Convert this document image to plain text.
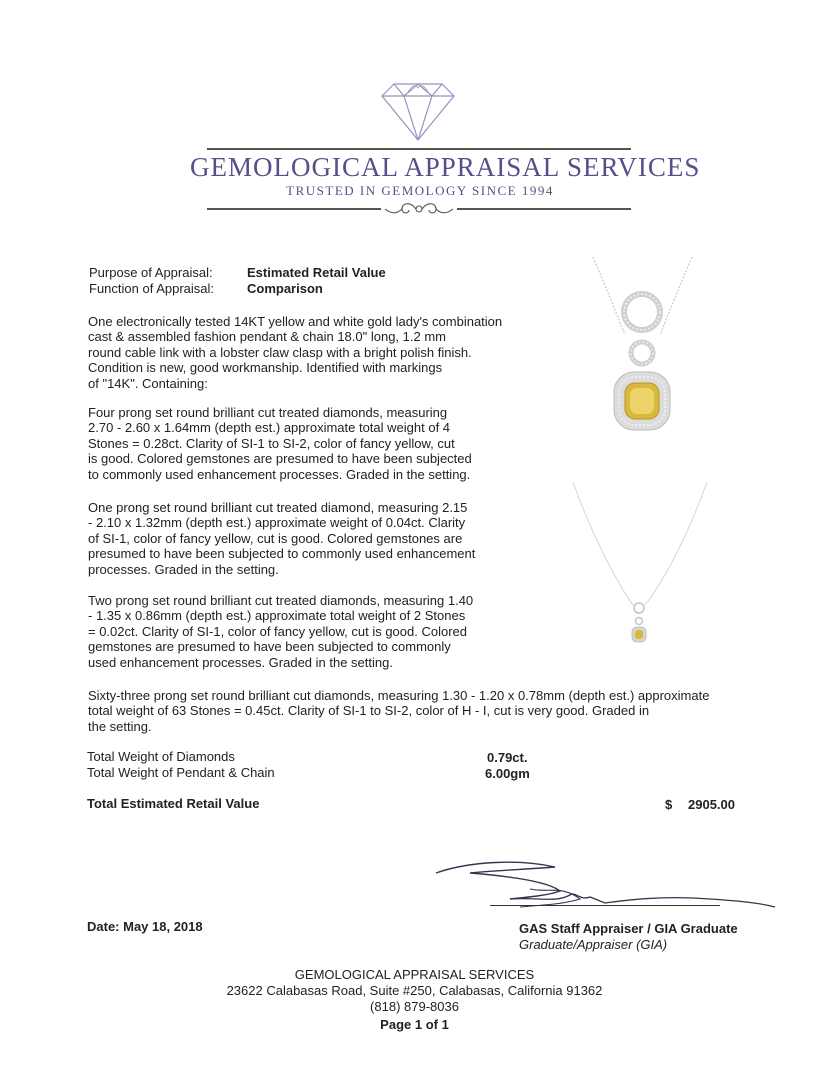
GEMOLOGICAL APPRAISAL SERVICES
TRUSTED IN GEMOLOGY SINCE 1994
Purpose of Appraisal:	Estimated Retail Value
Function of Appraisal:	Comparison
One electronically tested 14KT yellow and white gold lady's combination
cast & assembled fashion pendant & chain 18.0" long, 1.2 mm
round cable link with a lobster claw clasp with a bright polish finish.
Condition is new, good workmanship. Identified with markings
of "14K". Containing:
Four prong set round brilliant cut treated diamonds, measuring
2.70 - 2.60 x 1.64mm (depth est.) approximate total weight of 4
Stones = 0.28ct. Clarity of SI-1 to SI-2, color of fancy yellow, cut
is good. Colored gemstones are presumed to have been subjected
to commonly used enhancement processes. Graded in the setting.
One prong set round brilliant cut treated diamond, measuring 2.15
- 2.10 x 1.32mm (depth est.) approximate weight of 0.04ct. Clarity
of SI-1, color of fancy yellow, cut is good. Colored gemstones are
presumed to have been subjected to commonly used enhancement
processes. Graded in the setting.
Two prong set round brilliant cut treated diamonds, measuring 1.40
- 1.35 x 0.86mm (depth est.) approximate total weight of 2 Stones
= 0.02ct. Clarity of SI-1, color of fancy yellow, cut is good. Colored
gemstones are presumed to have been subjected to commonly
used enhancement processes. Graded in the setting.
Sixty-three prong set round brilliant cut diamonds, measuring 1.30 - 1.20 x 0.78mm (depth est.) approximate
total weight of 63 Stones = 0.45ct. Clarity of SI-1 to SI-2, color of H - I, cut is very good. Graded in
the setting.
Total Weight of Diamonds	0.79ct.
Total Weight of Pendant & Chain	6.00gm
Total Estimated Retail Value	$ 2905.00
Date: May 18, 2018	GAS Staff Appraiser / GIA Graduate
Graduate/Appraiser (GIA)
GEMOLOGICAL APPRAISAL SERVICES
23622 Calabasas Road, Suite #250, Calabasas, California 91362
(818) 879-8036
Page 1 of 1
